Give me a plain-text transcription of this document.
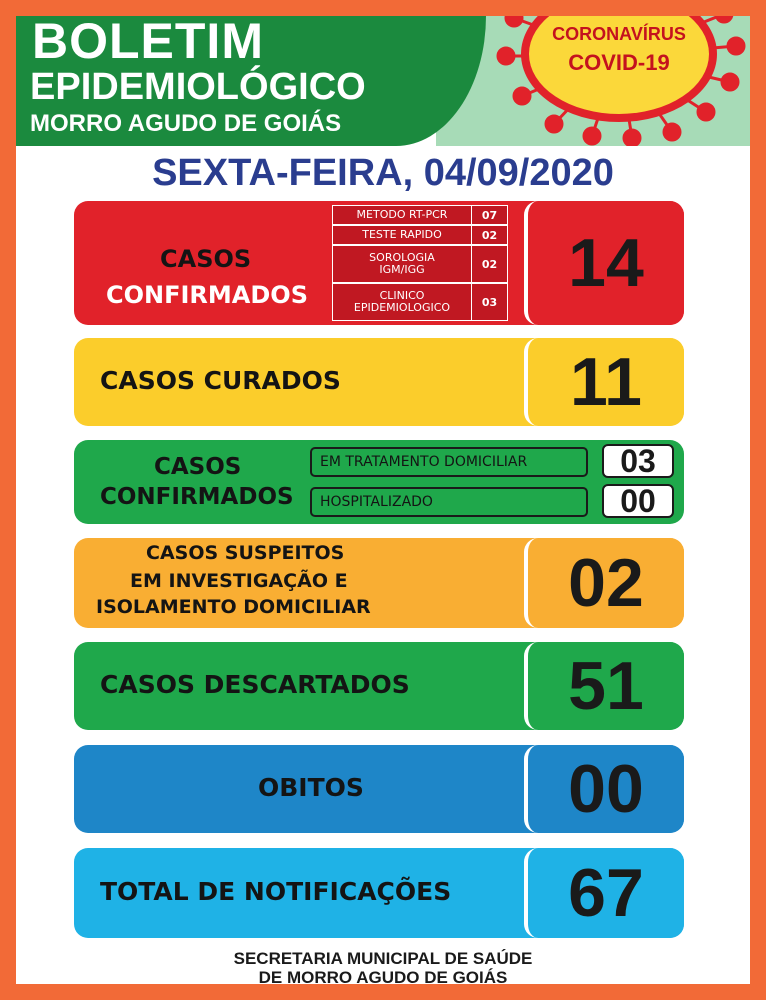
BOLETIM
EPIDEMIOLÓGICO
MORRO AGUDO DE GOIÁS
CORONAVÍRUS
COVID-19
SEXTA-FEIRA, 04/09/2020
CASOS
CONFIRMADOS
METODO RT-PCR	07
TESTE RAPIDO	02
SOROLOGIA
IGM/IGG	02
CLINICO
EPIDEMIOLOGICO	03
14
CASOS CURADOS	11
CASOS
CONFIRMADOS
EM TRATAMENTO DOMICILIAR	03
HOSPITALIZADO	00
CASOS SUSPEITOS
EM INVESTIGAÇÃO E
ISOLAMENTO DOMICILIAR	02
CASOS DESCARTADOS	51
OBITOS	00
TOTAL DE NOTIFICAÇÕES	67
SECRETARIA MUNICIPAL DE SAÚDE
DE MORRO AGUDO DE GOIÁS
